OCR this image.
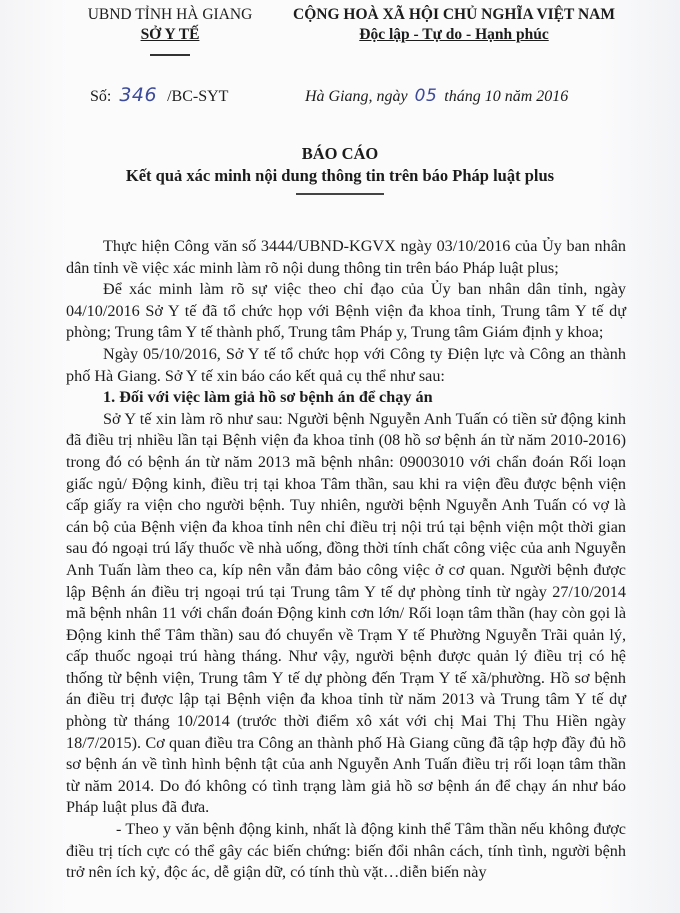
UBND TỈNH HÀ GIANG
SỞ Y TẾ
CỘNG HOÀ XÃ HỘI CHỦ NGHĨA VIỆT NAM
Độc lập - Tự do - Hạnh phúc
Số: 346 /BC-SYT	Hà Giang, ngày 05 tháng 10 năm 2016
BÁO CÁO
Kết quả xác minh nội dung thông tin trên báo Pháp luật plus

Thực hiện Công văn số 3444/UBND-KGVX ngày 03/10/2016 của Ủy ban nhân dân tỉnh về việc xác minh làm rõ nội dung thông tin trên báo Pháp luật plus;

Để xác minh làm rõ sự việc theo chỉ đạo của Ủy ban nhân dân tỉnh, ngày 04/10/2016 Sở Y tế đã tổ chức họp với Bệnh viện đa khoa tỉnh, Trung tâm Y tế dự phòng; Trung tâm Y tế thành phố, Trung tâm Pháp y, Trung tâm Giám định y khoa;

Ngày 05/10/2016, Sở Y tế tổ chức họp với Công ty Điện lực và Công an thành phố Hà Giang. Sở Y tế xin báo cáo kết quả cụ thể như sau:

1. Đối với việc làm giả hồ sơ bệnh án để chạy án

Sở Y tế xin làm rõ như sau: Người bệnh Nguyễn Anh Tuấn có tiền sử động kinh đã điều trị nhiều lần tại Bệnh viện đa khoa tỉnh (08 hồ sơ bệnh án từ năm 2010-2016) trong đó có bệnh án từ năm 2013 mã bệnh nhân: 09003010 với chẩn đoán Rối loạn giấc ngủ/ Động kinh, điều trị tại khoa Tâm thần, sau khi ra viện đều được bệnh viện cấp giấy ra viện cho người bệnh. Tuy nhiên, người bệnh Nguyễn Anh Tuấn có vợ là cán bộ của Bệnh viện đa khoa tỉnh nên chỉ điều trị nội trú tại bệnh viện một thời gian sau đó ngoại trú lấy thuốc về nhà uống, đồng thời tính chất công việc của anh Nguyễn Anh Tuấn làm theo ca, kíp nên vẫn đảm bảo công việc ở cơ quan. Người bệnh được lập Bệnh án điều trị ngoại trú tại Trung tâm Y tế dự phòng tỉnh từ ngày 27/10/2014 mã bệnh nhân 11 với chẩn đoán Động kinh cơn lớn/ Rối loạn tâm thần (hay còn gọi là Động kinh thể Tâm thần) sau đó chuyển về Trạm Y tế Phường Nguyễn Trãi quản lý, cấp thuốc ngoại trú hàng tháng. Như vậy, người bệnh được quản lý điều trị có hệ thống từ bệnh viện, Trung tâm Y tế dự phòng đến Trạm Y tế xã/phường. Hồ sơ bệnh án điều trị được lập tại Bệnh viện đa khoa tỉnh từ năm 2013 và Trung tâm Y tế dự phòng từ tháng 10/2014 (trước thời điểm xô xát với chị Mai Thị Thu Hiền ngày 18/7/2015). Cơ quan điều tra Công an thành phố Hà Giang cũng đã tập hợp đầy đủ hồ sơ bệnh án về tình hình bệnh tật của anh Nguyễn Anh Tuấn điều trị rối loạn tâm thần từ năm 2014. Do đó không có tình trạng làm giả hồ sơ bệnh án để chạy án như báo Pháp luật plus đã đưa.

- Theo y văn bệnh động kinh, nhất là động kinh thể Tâm thần nếu không được điều trị tích cực có thể gây các biến chứng: biến đổi nhân cách, tính tình, người bệnh trở nên ích kỷ, độc ác, dễ giận dữ, có tính thù vặt…diễn biến này
